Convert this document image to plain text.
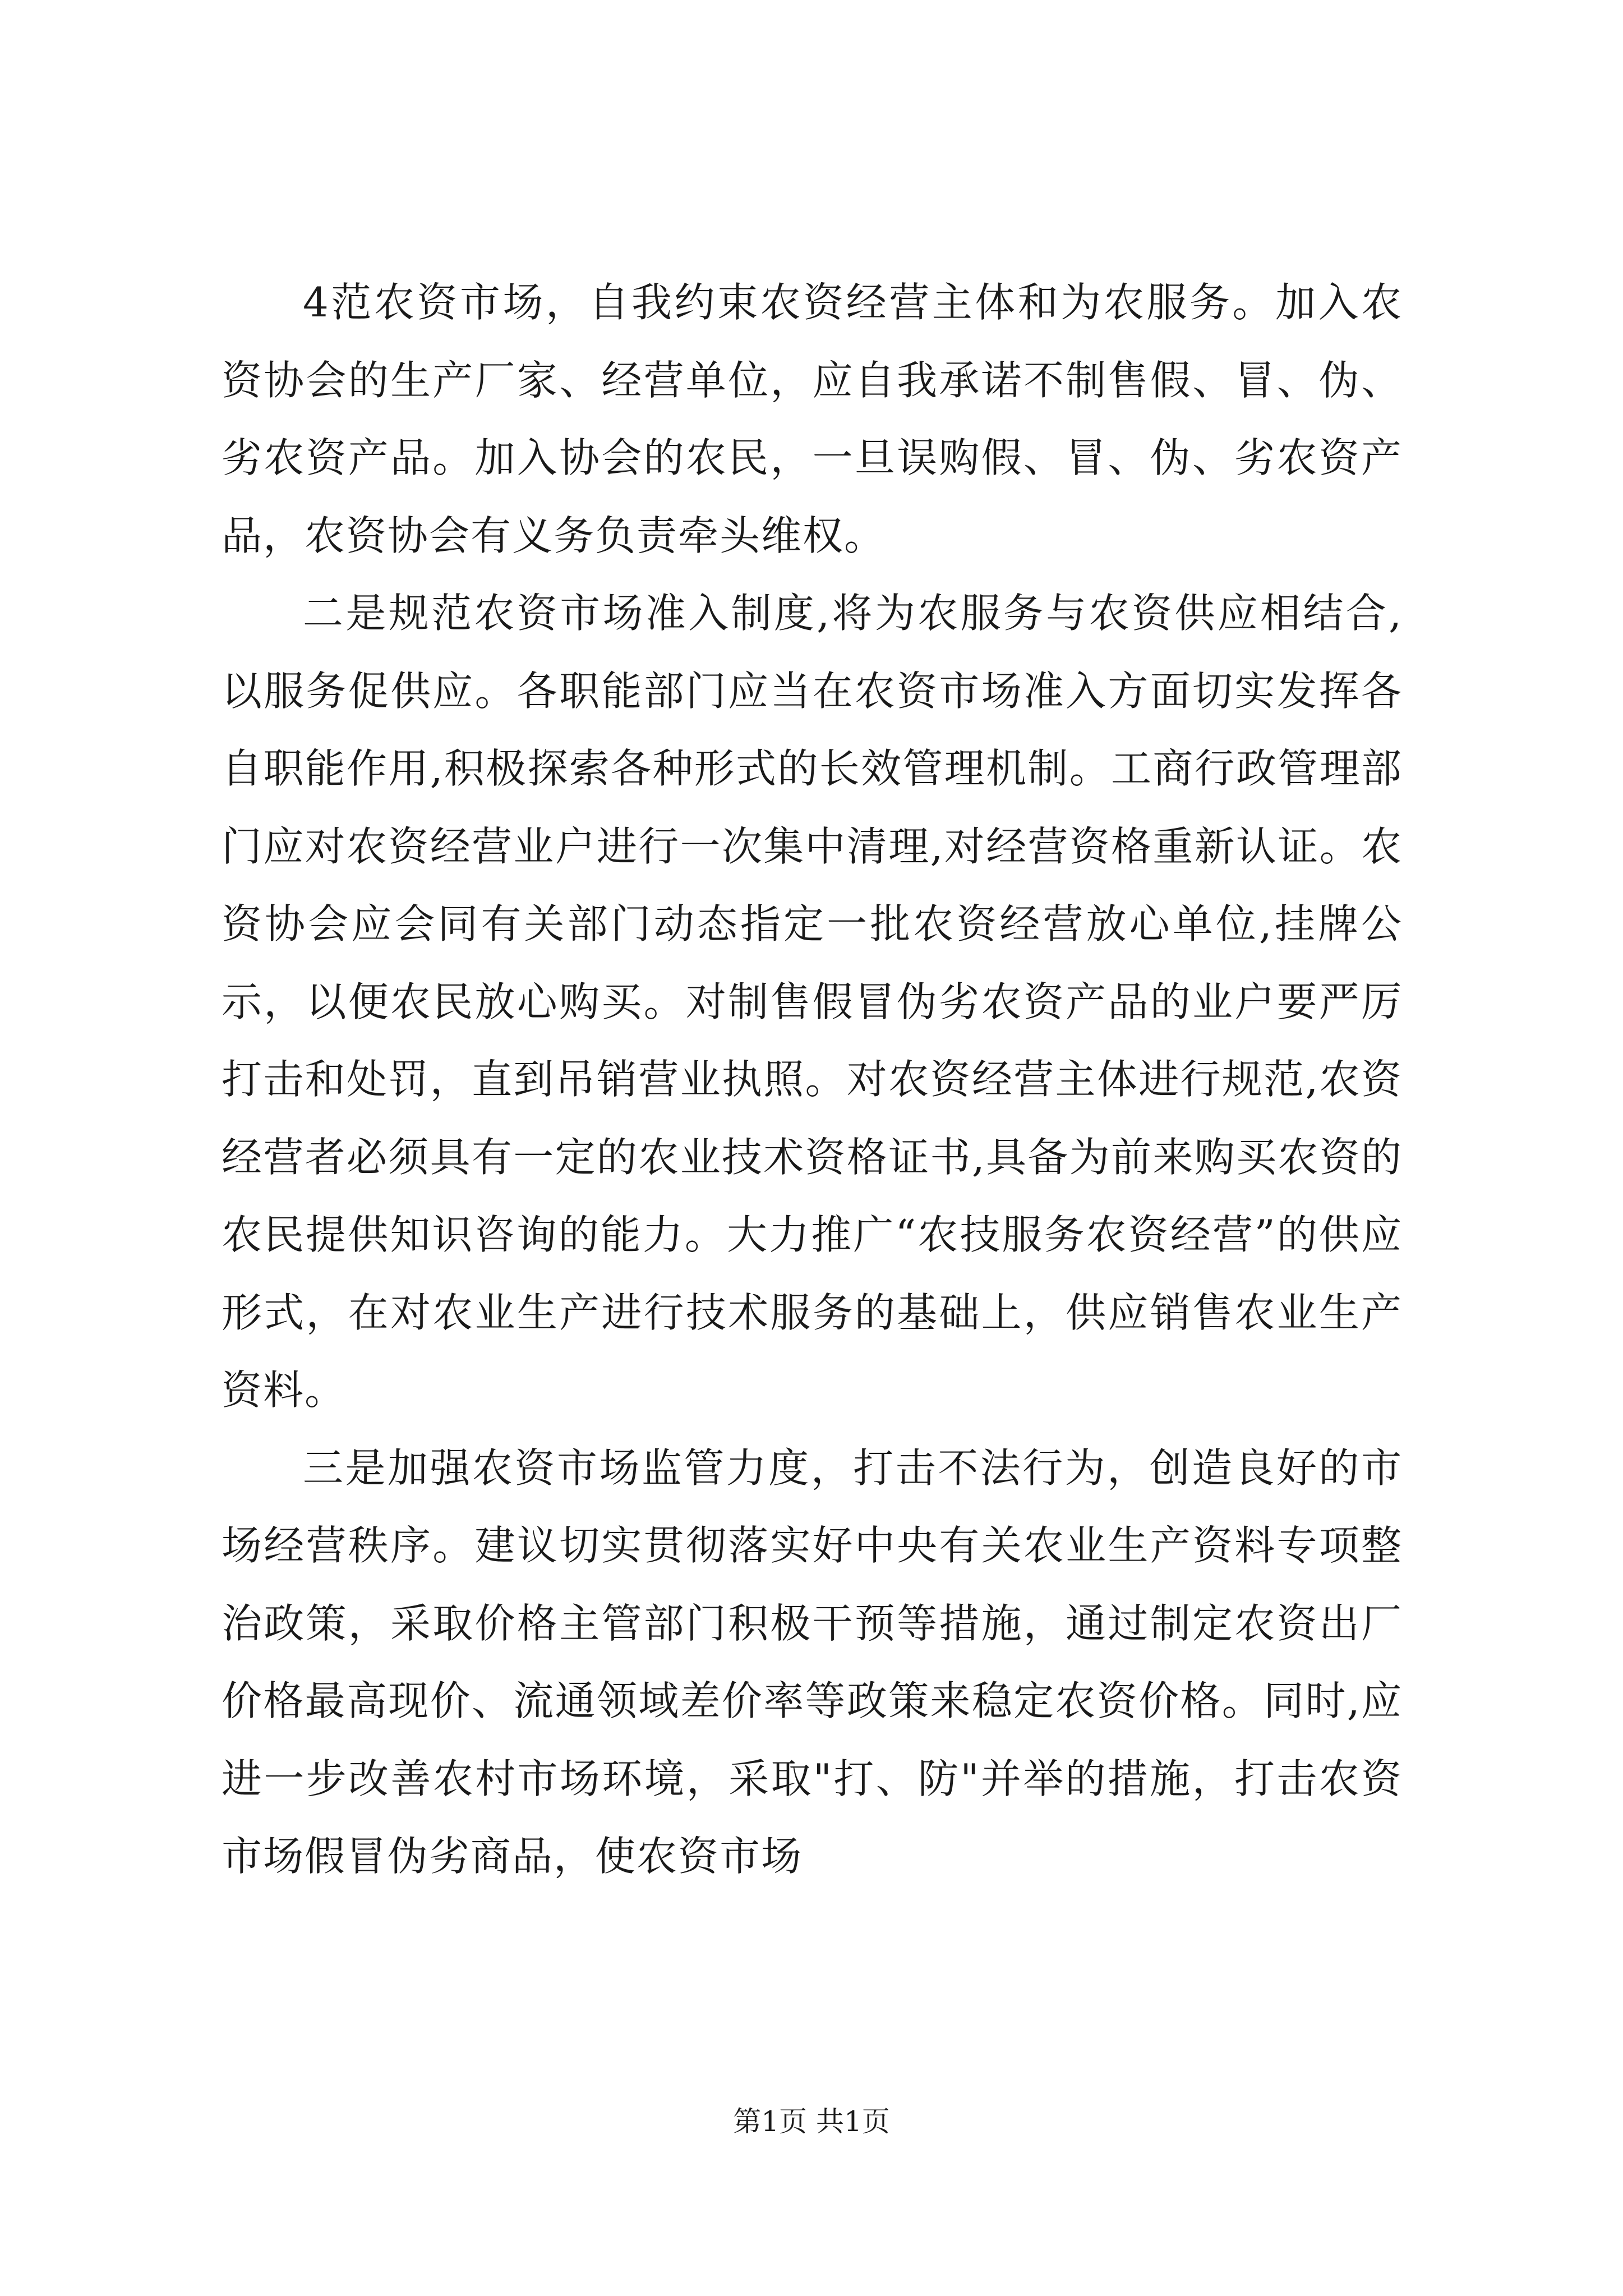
4范农资市场，自我约束农资经营主体和为农服务。加入农资协会的生产厂家、经营单位，应自我承诺不制售假、冒、伪、劣农资产品。加入协会的农民，一旦误购假、冒、伪、劣农资产品，农资协会有义务负责牵头维权。

二是规范农资市场准入制度,将为农服务与农资供应相结合,以服务促供应。各职能部门应当在农资市场准入方面切实发挥各自职能作用,积极探索各种形式的长效管理机制。工商行政管理部门应对农资经营业户进行一次集中清理,对经营资格重新认证。农资协会应会同有关部门动态指定一批农资经营放心单位,挂牌公示，以便农民放心购买。对制售假冒伪劣农资产品的业户要严厉打击和处罚，直到吊销营业执照。对农资经营主体进行规范,农资经营者必须具有一定的农业技术资格证书,具备为前来购买农资的农民提供知识咨询的能力。大力推广“农技服务农资经营”的供应形式，在对农业生产进行技术服务的基础上，供应销售农业生产资料。

三是加强农资市场监管力度，打击不法行为，创造良好的市场经营秩序。建议切实贯彻落实好中央有关农业生产资料专项整治政策，采取价格主管部门积极干预等措施，通过制定农资出厂价格最高现价、流通领域差价率等政策来稳定农资价格。同时,应进一步改善农村市场环境，采取"打、防"并举的措施，打击农资市场假冒伪劣商品，使农资市场

第1页 共1页
